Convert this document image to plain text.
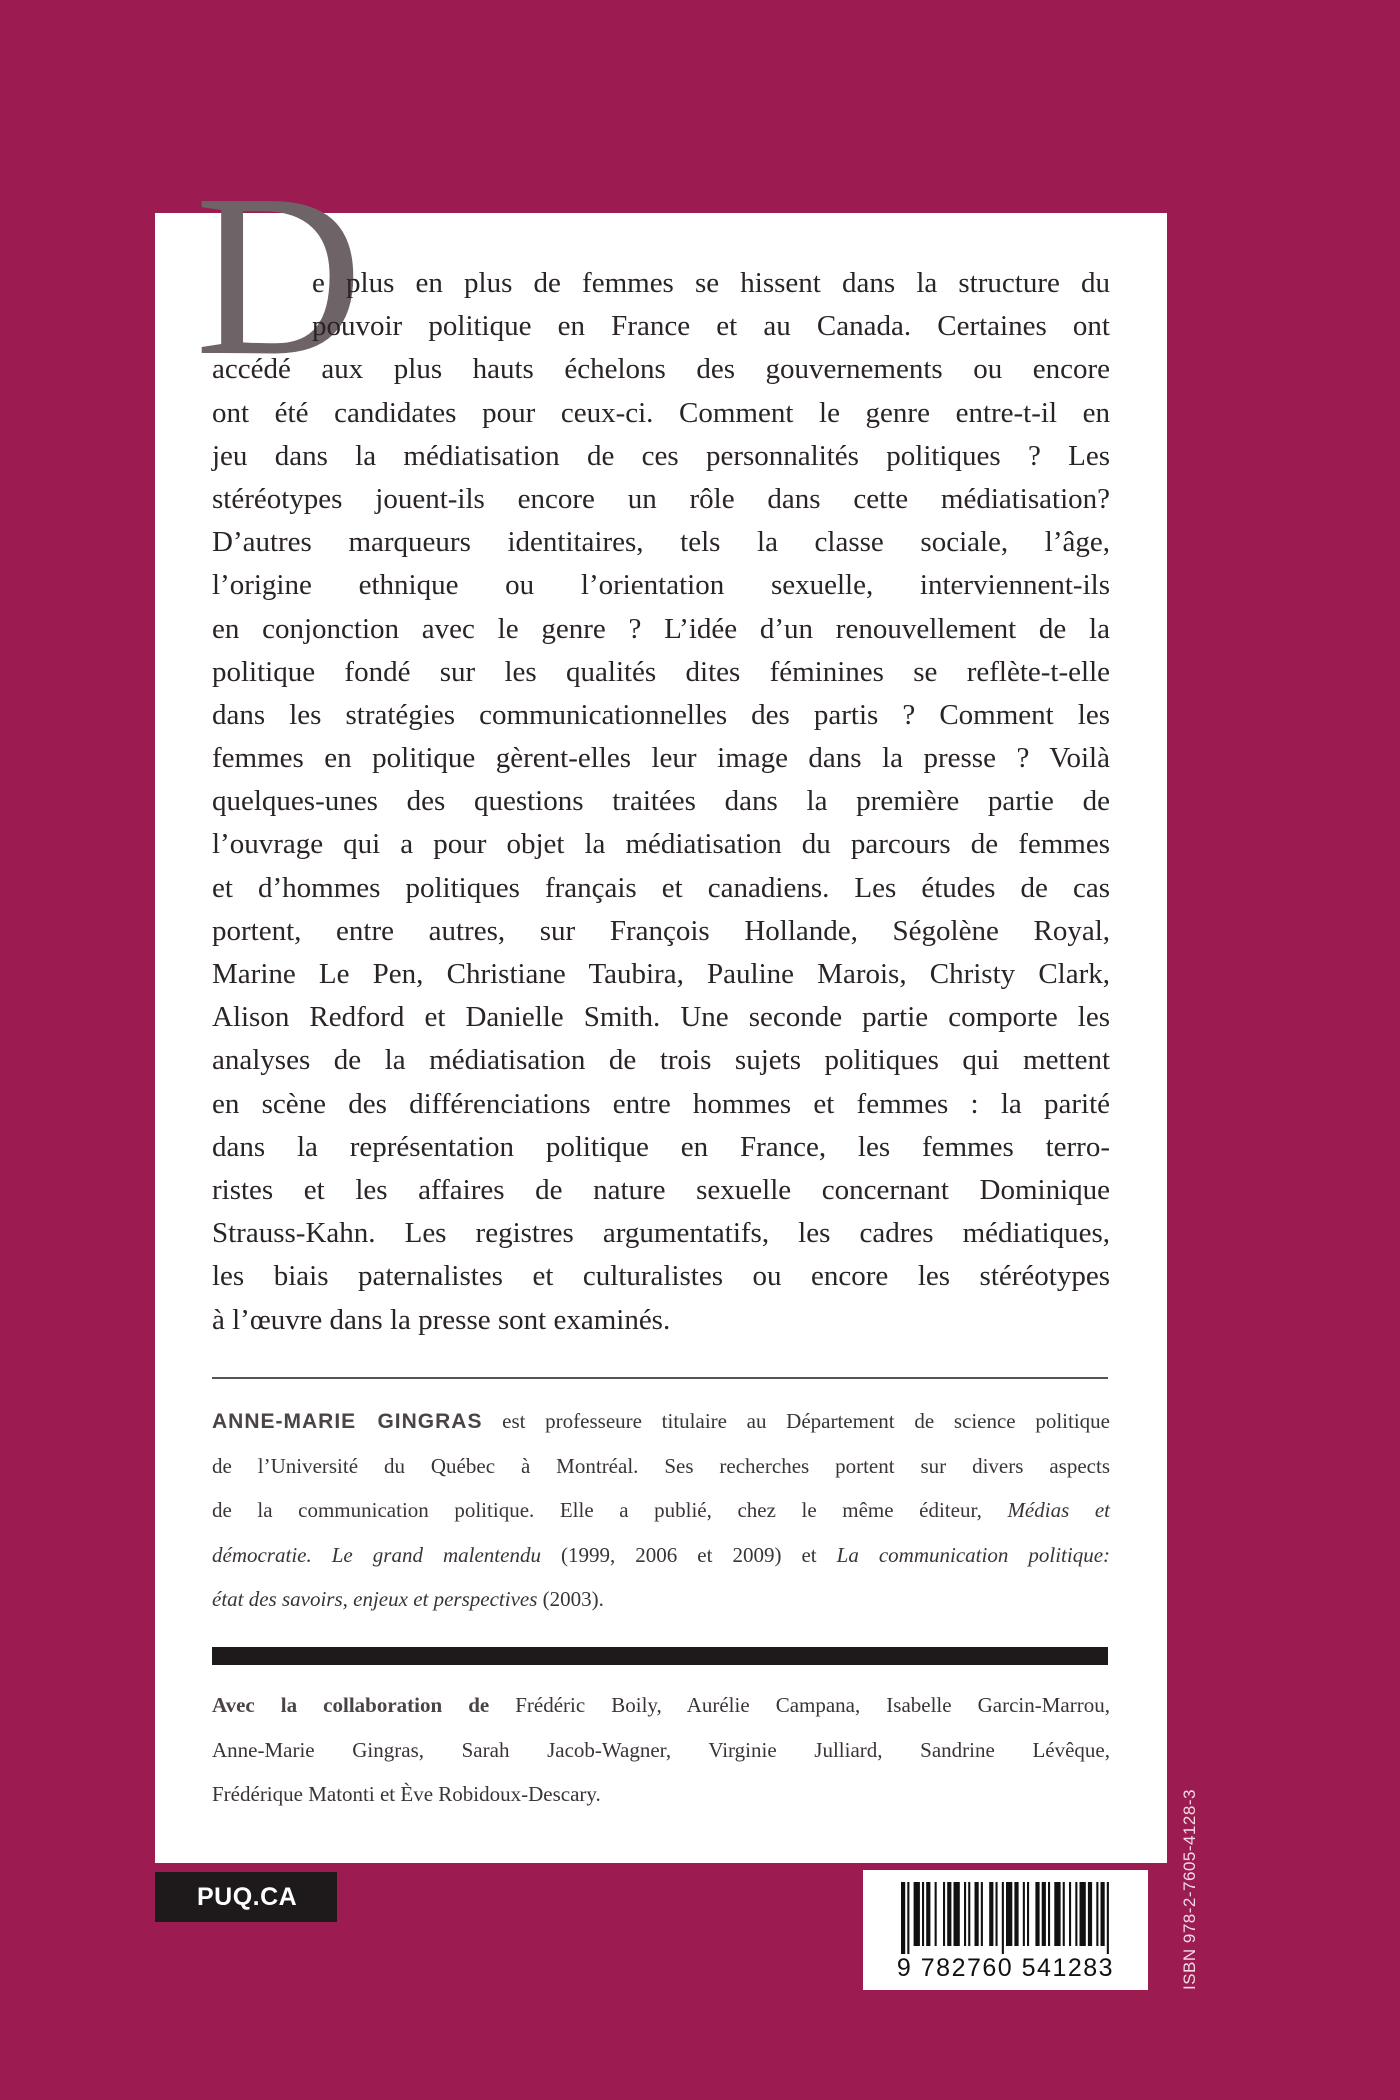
D
e plus en plus de femmes se hissent dans la structure du
pouvoir politique en France et au Canada. Certaines ont
accédé aux plus hauts échelons des gouvernements ou encore
ont été candidates pour ceux-ci. Comment le genre entre-t-il en
jeu dans la médiatisation de ces personnalités politiques ? Les
stéréotypes jouent-ils encore un rôle dans cette médiatisation?
D’autres marqueurs identitaires, tels la classe sociale, l’âge,
l’origine ethnique ou l’orientation sexuelle, interviennent-ils
en conjonction avec le genre ? L’idée d’un renouvellement de la
politique fondé sur les qualités dites féminines se reflète-t-elle
dans les stratégies communicationnelles des partis ? Comment les
femmes en politique gèrent-elles leur image dans la presse ? Voilà
quelques-unes des questions traitées dans la première partie de
l’ouvrage qui a pour objet la médiatisation du parcours de femmes
et d’hommes politiques français et canadiens. Les études de cas
portent, entre autres, sur François Hollande, Ségolène Royal,
Marine Le Pen, Christiane Taubira, Pauline Marois, Christy Clark,
Alison Redford et Danielle Smith. Une seconde partie comporte les
analyses de la médiatisation de trois sujets politiques qui mettent
en scène des différenciations entre hommes et femmes : la parité
dans la représentation politique en France, les femmes terro-
ristes et les affaires de nature sexuelle concernant Dominique
Strauss-Kahn. Les registres argumentatifs, les cadres médiatiques,
les biais paternalistes et culturalistes ou encore les stéréotypes
à l’œuvre dans la presse sont examinés.
ANNE-MARIE GINGRAS est professeure titulaire au Département de science politique
de l’Université du Québec à Montréal. Ses recherches portent sur divers aspects
de la communication politique. Elle a publié, chez le même éditeur, Médias et
démocratie. Le grand malentendu (1999, 2006 et 2009) et La communication politique:
état des savoirs, enjeux et perspectives (2003).
Avec la collaboration de Frédéric Boily, Aurélie Campana, Isabelle Garcin-Marrou,
Anne-Marie Gingras, Sarah Jacob-Wagner, Virginie Julliard, Sandrine Lévêque,
Frédérique Matonti et Ève Robidoux-Descary.
PUQ.CA
9 782760 541283	ISBN 978-2-7605-4128-3
